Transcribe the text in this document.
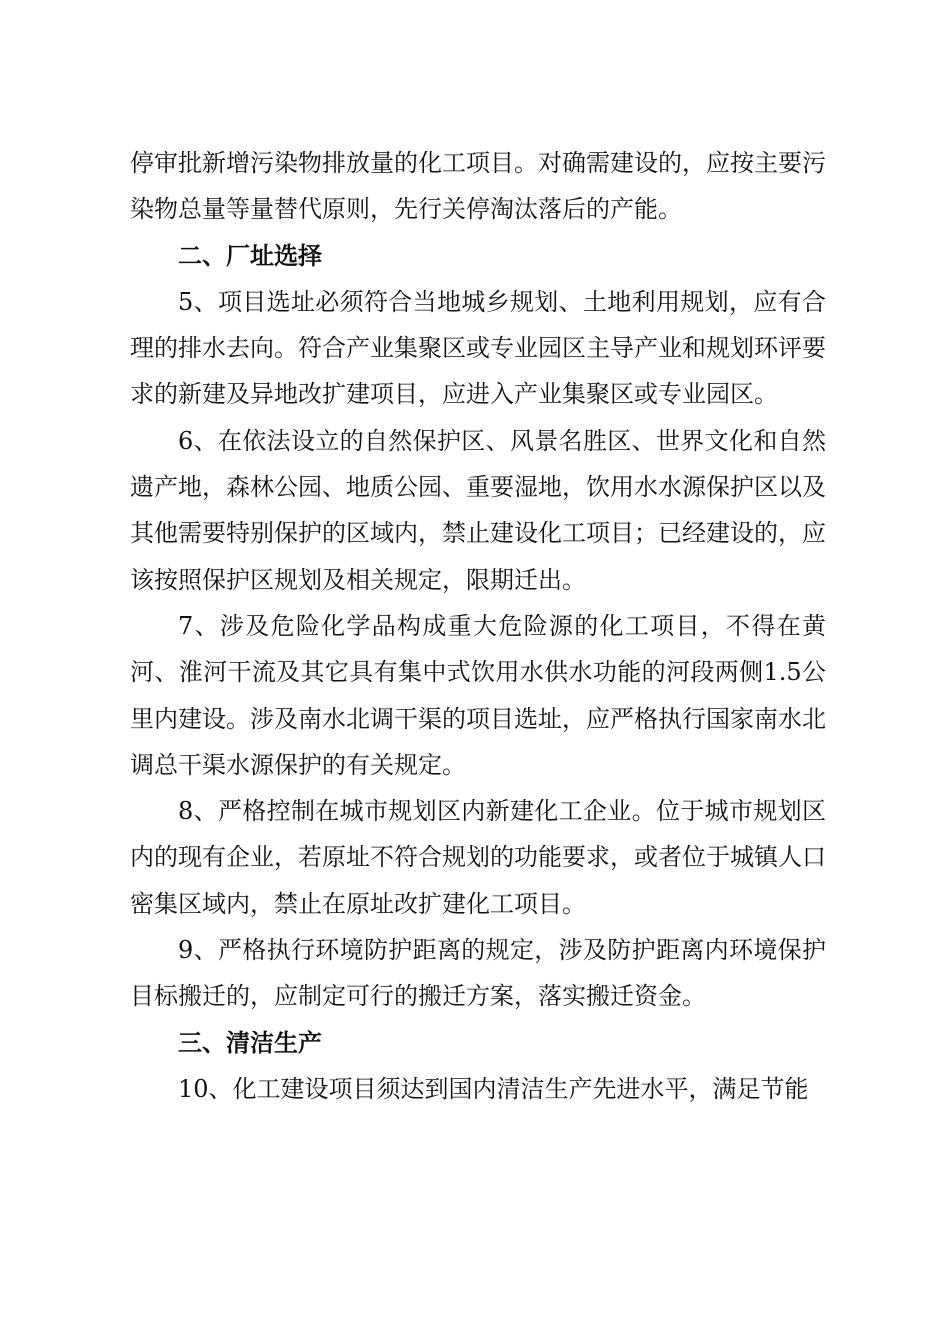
停审批新增污染物排放量的化工项目。对确需建设的，应按主要污染物总量等量替代原则，先行关停淘汰落后的产能。

二、厂址选择

5、项目选址必须符合当地城乡规划、土地利用规划，应有合理的排水去向。符合产业集聚区或专业园区主导产业和规划环评要求的新建及异地改扩建项目，应进入产业集聚区或专业园区。

6、在依法设立的自然保护区、风景名胜区、世界文化和自然遗产地，森林公园、地质公园、重要湿地，饮用水水源保护区以及其他需要特别保护的区域内，禁止建设化工项目；已经建设的，应该按照保护区规划及相关规定，限期迁出。

7、涉及危险化学品构成重大危险源的化工项目，不得在黄河、淮河干流及其它具有集中式饮用水供水功能的河段两侧1.5公里内建设。涉及南水北调干渠的项目选址，应严格执行国家南水北调总干渠水源保护的有关规定。

8、严格控制在城市规划区内新建化工企业。位于城市规划区内的现有企业，若原址不符合规划的功能要求，或者位于城镇人口密集区域内，禁止在原址改扩建化工项目。

9、严格执行环境防护距离的规定，涉及防护距离内环境保护目标搬迁的，应制定可行的搬迁方案，落实搬迁资金。

三、清洁生产

10、化工建设项目须达到国内清洁生产先进水平，满足节能
